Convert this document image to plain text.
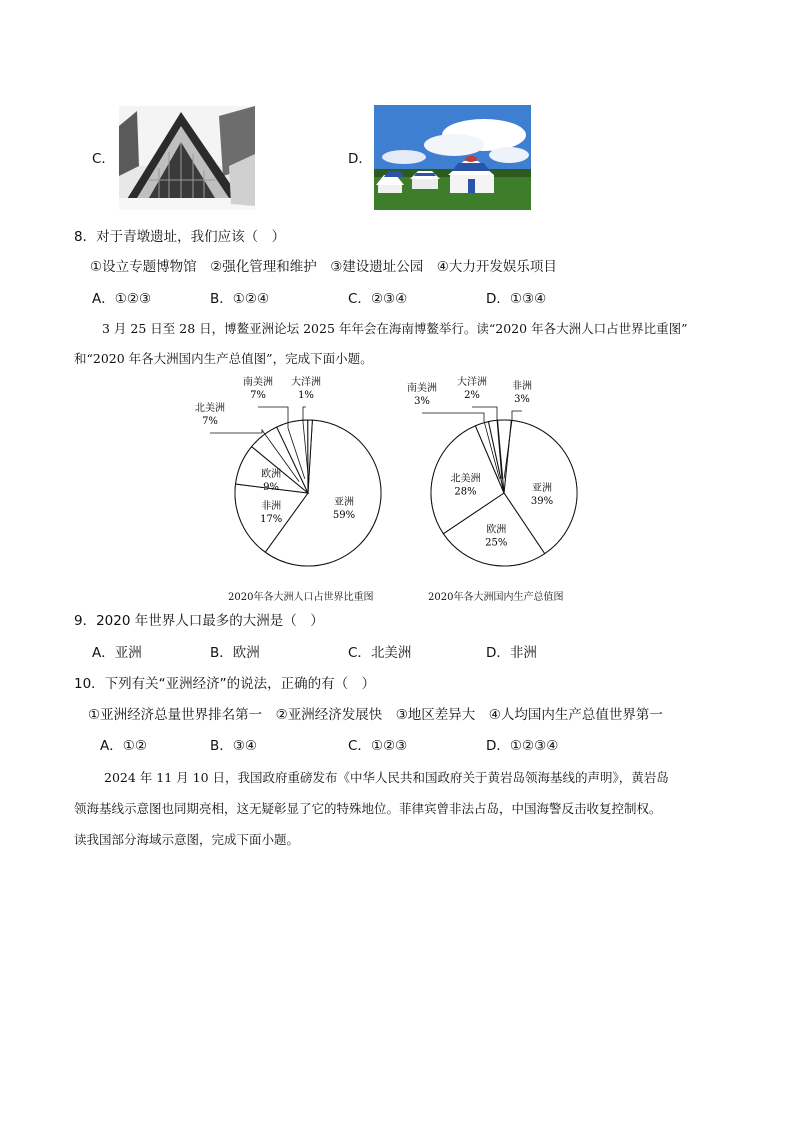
C．	D．
8．对于青墩遗址，我们应该（　）
①设立专题博物馆　②强化管理和维护　③建设遗址公园　④大力开发娱乐项目
A．①②③	B．①②④	C．②③④	D．①③④
3 月 25 日至 28 日，博鳌亚洲论坛 2025 年年会在海南博鳌举行。读“2020 年各大洲人口占世界比重图”
和“2020 年各大洲国内生产总值图”，完成下面小题。
亚洲
59%
非洲
17%
欧洲
9%
北美洲
7%
南美洲
7%
大洋洲
1%
亚洲
39%
欧洲
25%
北美洲
28%
南美洲
3%
大洋洲
2%
非洲
3%
2020年各大洲人口占世界比重图	2020年各大洲国内生产总值图
9．2020 年世界人口最多的大洲是（　）
A．亚洲	B．欧洲	C．北美洲	D．非洲
10．下列有关“亚洲经济”的说法，正确的有（　）
①亚洲经济总量世界排名第一　②亚洲经济发展快　③地区差异大　④人均国内生产总值世界第一
A．①②	B．③④	C．①②③	D．①②③④
2024 年 11 月 10 日，我国政府重磅发布《中华人民共和国政府关于黄岩岛领海基线的声明》，黄岩岛
领海基线示意图也同期亮相，这无疑彰显了它的特殊地位。菲律宾曾非法占岛，中国海警反击收复控制权。
读我国部分海域示意图，完成下面小题。
